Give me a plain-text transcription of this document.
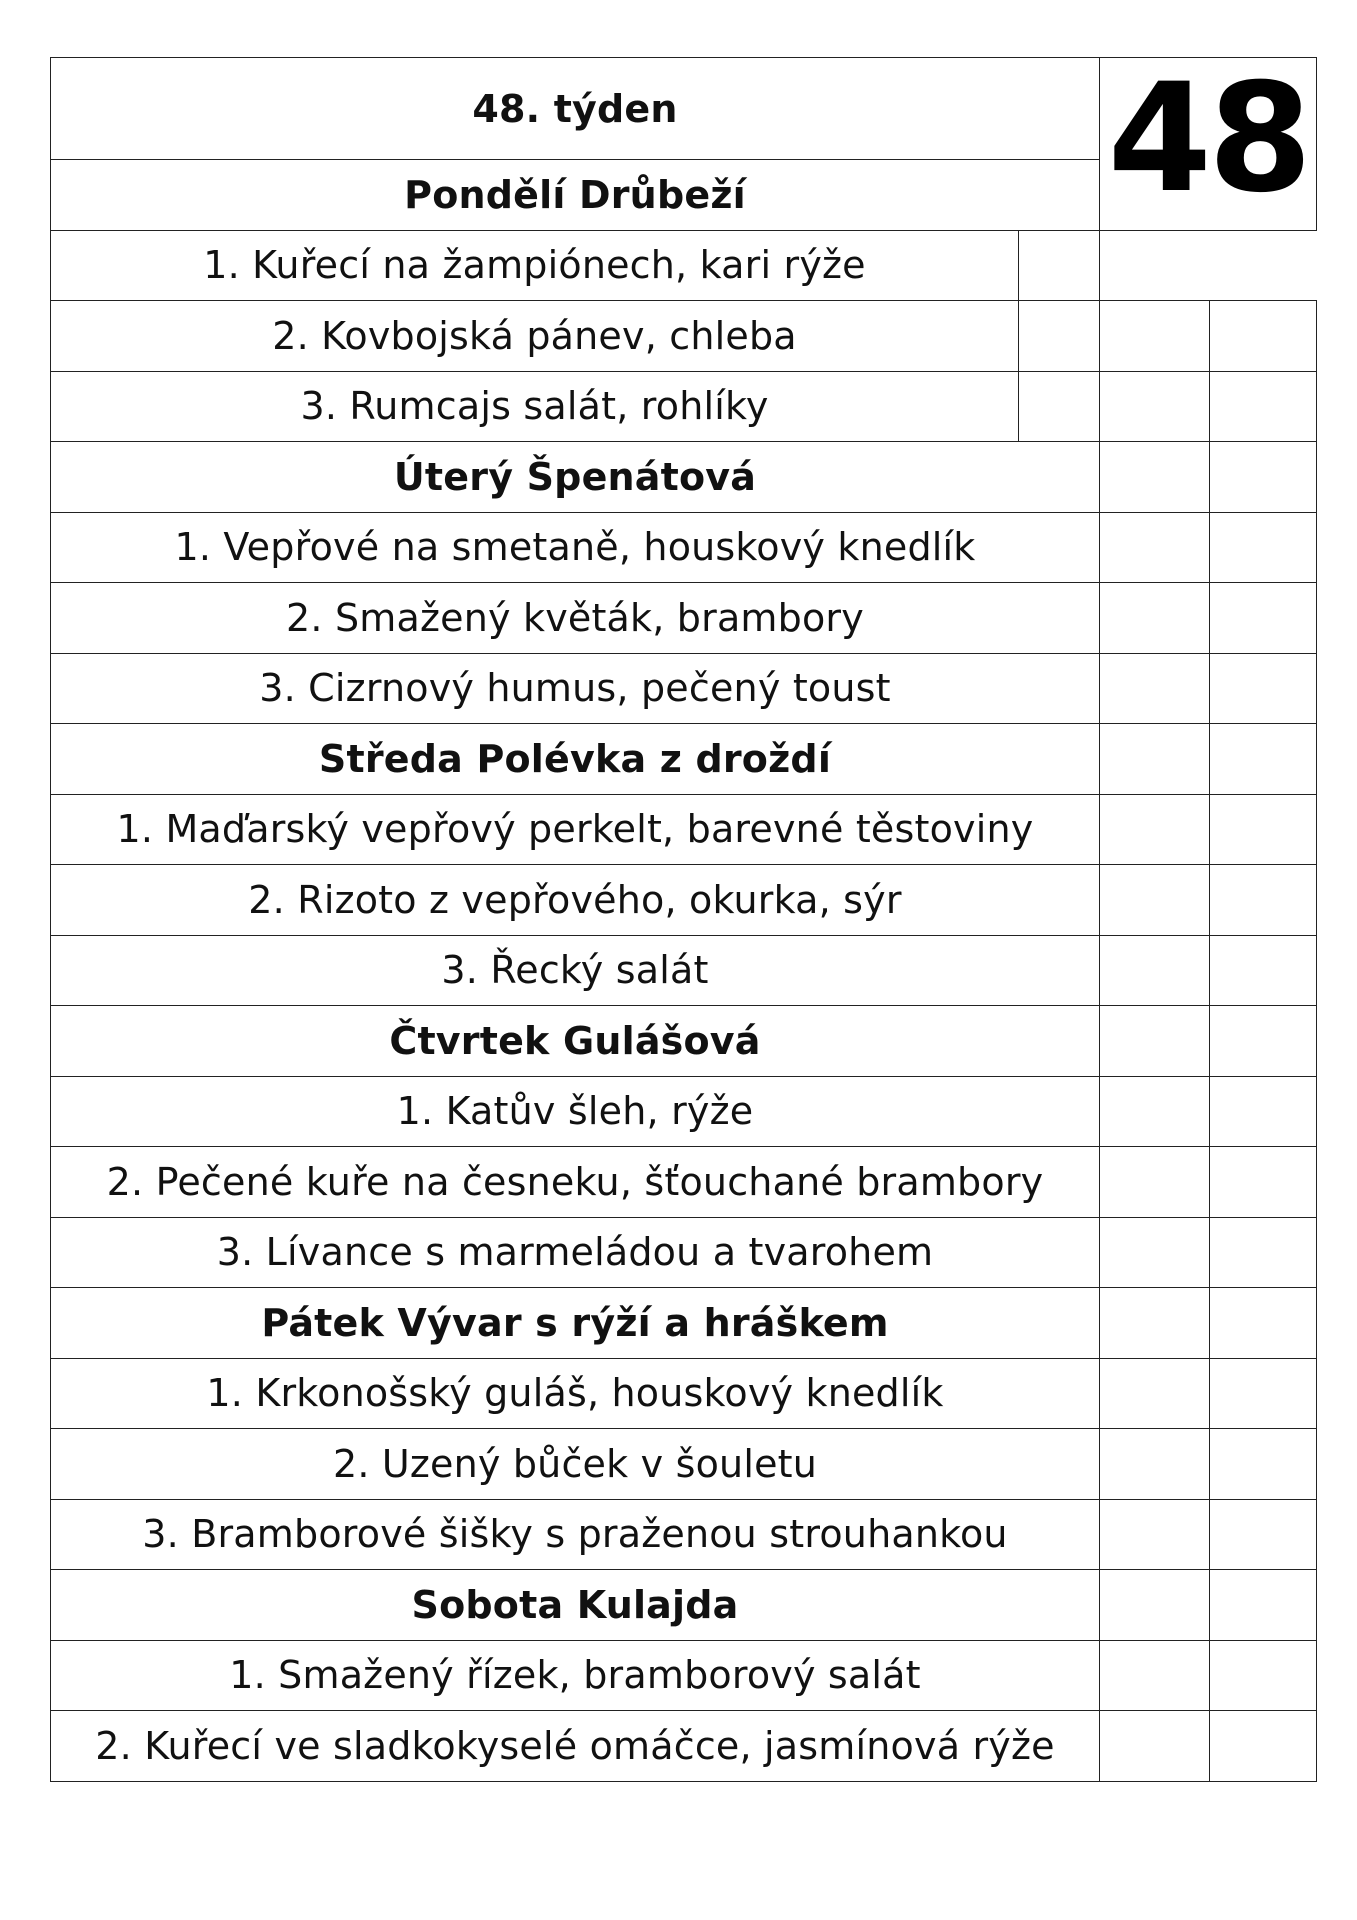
48. týden	48
Pondělí Drůbeží
1. Kuřecí na žampiónech, kari rýže
2. Kovbojská pánev, chleba
3. Rumcajs salát, rohlíky
Úterý Špenátová
1. Vepřové na smetaně, houskový knedlík
2. Smažený květák, brambory
3. Cizrnový humus, pečený toust
Středa Polévka z droždí
1. Maďarský vepřový perkelt, barevné těstoviny
2. Rizoto z vepřového, okurka, sýr
3. Řecký salát
Čtvrtek Gulášová
1. Katův šleh, rýže
2. Pečené kuře na česneku, šťouchané brambory
3. Lívance s marmeládou a tvarohem
Pátek Vývar s rýží a hráškem
1. Krkonošský guláš, houskový knedlík
2. Uzený bůček v šouletu
3. Bramborové šišky s praženou strouhankou
Sobota Kulajda
1. Smažený řízek, bramborový salát
2. Kuřecí ve sladkokyselé omáčce, jasmínová rýže
